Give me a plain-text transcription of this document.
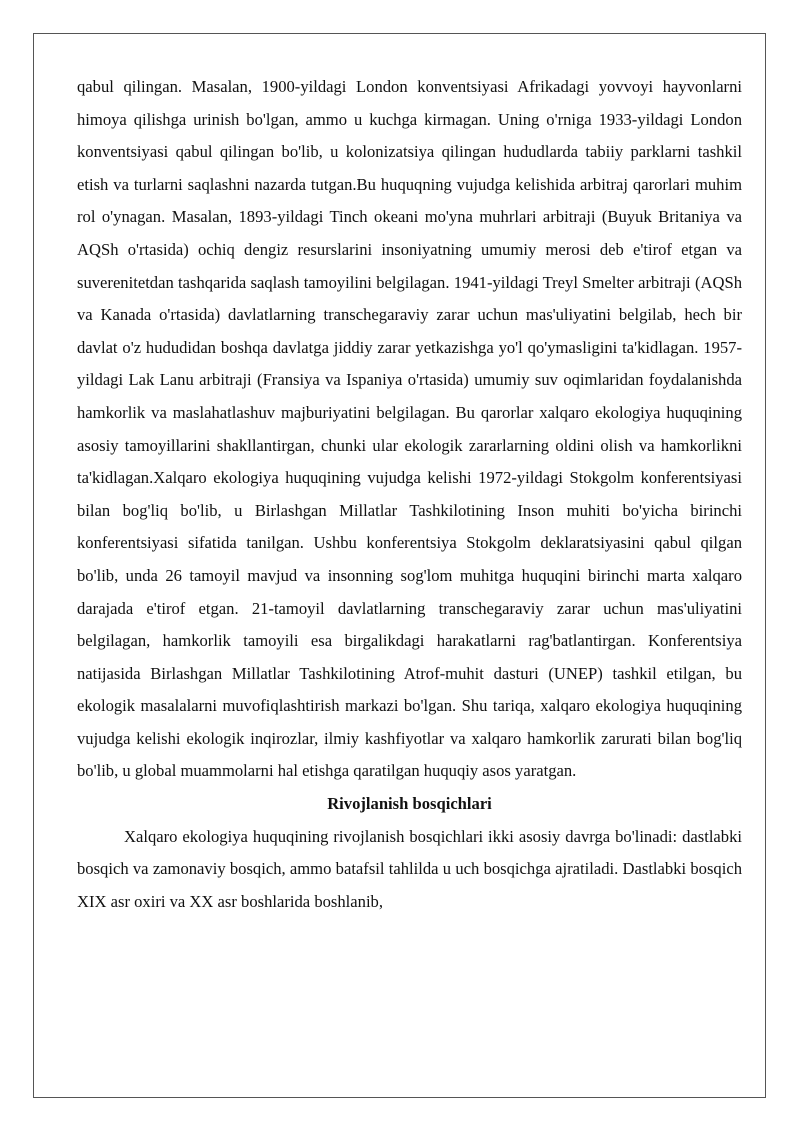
qabul qilingan. Masalan, 1900-yildagi London konventsiyasi Afrikadagi yovvoyi hayvonlarni himoya qilishga urinish bo'lgan, ammo u kuchga kirmagan. Uning o'rniga 1933-yildagi London konventsiyasi qabul qilingan bo'lib, u kolonizatsiya qilingan hududlarda tabiiy parklarni tashkil etish va turlarni saqlashni nazarda tutgan.Bu huquqning vujudga kelishida arbitraj qarorlari muhim rol o'ynagan. Masalan, 1893-yildagi Tinch okeani mo'yna muhrlari arbitraji (Buyuk Britaniya va AQSh o'rtasida) ochiq dengiz resurslarini insoniyatning umumiy merosi deb e'tirof etgan va suverenitetdan tashqarida saqlash tamoyilini belgilagan. 1941-yildagi Treyl Smelter arbitraji (AQSh va Kanada o'rtasida) davlatlarning transchegaraviy zarar uchun mas'uliyatini belgilab, hech bir davlat o'z hududidan boshqa davlatga jiddiy zarar yetkazishga yo'l qo'ymasligini ta'kidlagan. 1957-yildagi Lak Lanu arbitraji (Fransiya va Ispaniya o'rtasida) umumiy suv oqimlaridan foydalanishda hamkorlik va maslahatlashuv majburiyatini belgilagan. Bu qarorlar xalqaro ekologiya huquqining asosiy tamoyillarini shakllantirgan, chunki ular ekologik zararlarning oldini olish va hamkorlikni ta'kidlagan.Xalqaro ekologiya huquqining vujudga kelishi 1972-yildagi Stokgolm konferentsiyasi bilan bog'liq bo'lib, u Birlashgan Millatlar Tashkilotining Inson muhiti bo'yicha birinchi konferentsiyasi sifatida tanilgan. Ushbu konferentsiya Stokgolm deklaratsiyasini qabul qilgan bo'lib, unda 26 tamoyil mavjud va insonning sog'lom muhitga huquqini birinchi marta xalqaro darajada e'tirof etgan. 21-tamoyil davlatlarning transchegaraviy zarar uchun mas'uliyatini belgilagan, hamkorlik tamoyili esa birgalikdagi harakatlarni rag'batlantirgan. Konferentsiya natijasida Birlashgan Millatlar Tashkilotining Atrof-muhit dasturi (UNEP) tashkil etilgan, bu ekologik masalalarni muvofiqlashtirish markazi bo'lgan. Shu tariqa, xalqaro ekologiya huquqining vujudga kelishi ekologik inqirozlar, ilmiy kashfiyotlar va xalqaro hamkorlik zarurati bilan bog'liq bo'lib, u global muammolarni hal etishga qaratilgan huquqiy asos yaratgan.

Rivojlanish bosqichlari

Xalqaro ekologiya huquqining rivojlanish bosqichlari ikki asosiy davrga bo'linadi: dastlabki bosqich va zamonaviy bosqich, ammo batafsil tahlilda u uch bosqichga ajratiladi. Dastlabki bosqich XIX asr oxiri va XX asr boshlarida boshlanib,
